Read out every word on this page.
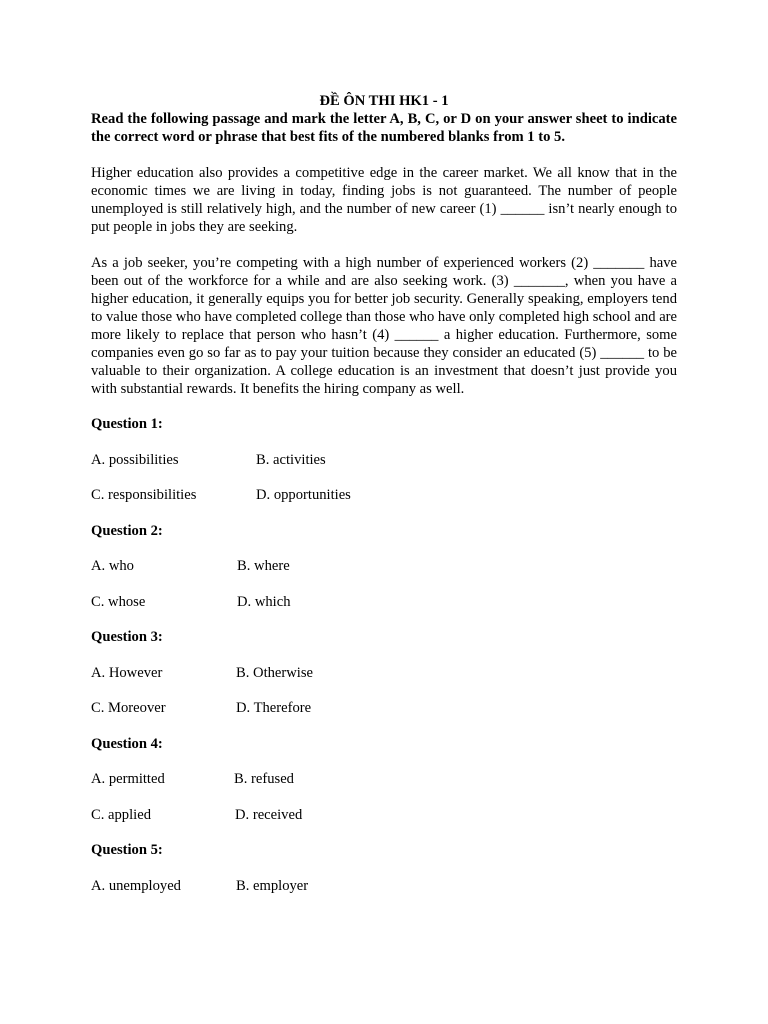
ĐỀ ÔN THI HK1 - 1

Read the following passage and mark the letter A, B, C, or D on your answer sheet to indicate the correct word or phrase that best fits of the numbered blanks from 1 to 5.

Higher education also provides a competitive edge in the career market. We all know that in the economic times we are living in today, finding jobs is not guaranteed. The number of people unemployed is still relatively high, and the number of new career (1) ______ isn’t nearly enough to put people in jobs they are seeking.

As a job seeker, you’re competing with a high number of experienced workers (2) _______ have been out of the workforce for a while and are also seeking work. (3) _______, when you have a higher education, it generally equips you for better job security. Generally speaking, employers tend to value those who have completed college than those who have only completed high school and are more likely to replace that person who hasn’t (4) ______ a higher education. Furthermore, some companies even go so far as to pay your tuition because they consider an educated (5) ______ to be valuable to their organization. A college education is an investment that doesn’t just provide you with substantial rewards. It benefits the hiring company as well.

Question 1:

A. possibilities	B. activities
C. responsibilities	D. opportunities

Question 2:

A. who	B. where
C. whose	D. which

Question 3:

A. However	B. Otherwise
C. Moreover	D. Therefore

Question 4:

A. permitted	B. refused
C. applied	D. received

Question 5:

A. unemployed	B. employer
